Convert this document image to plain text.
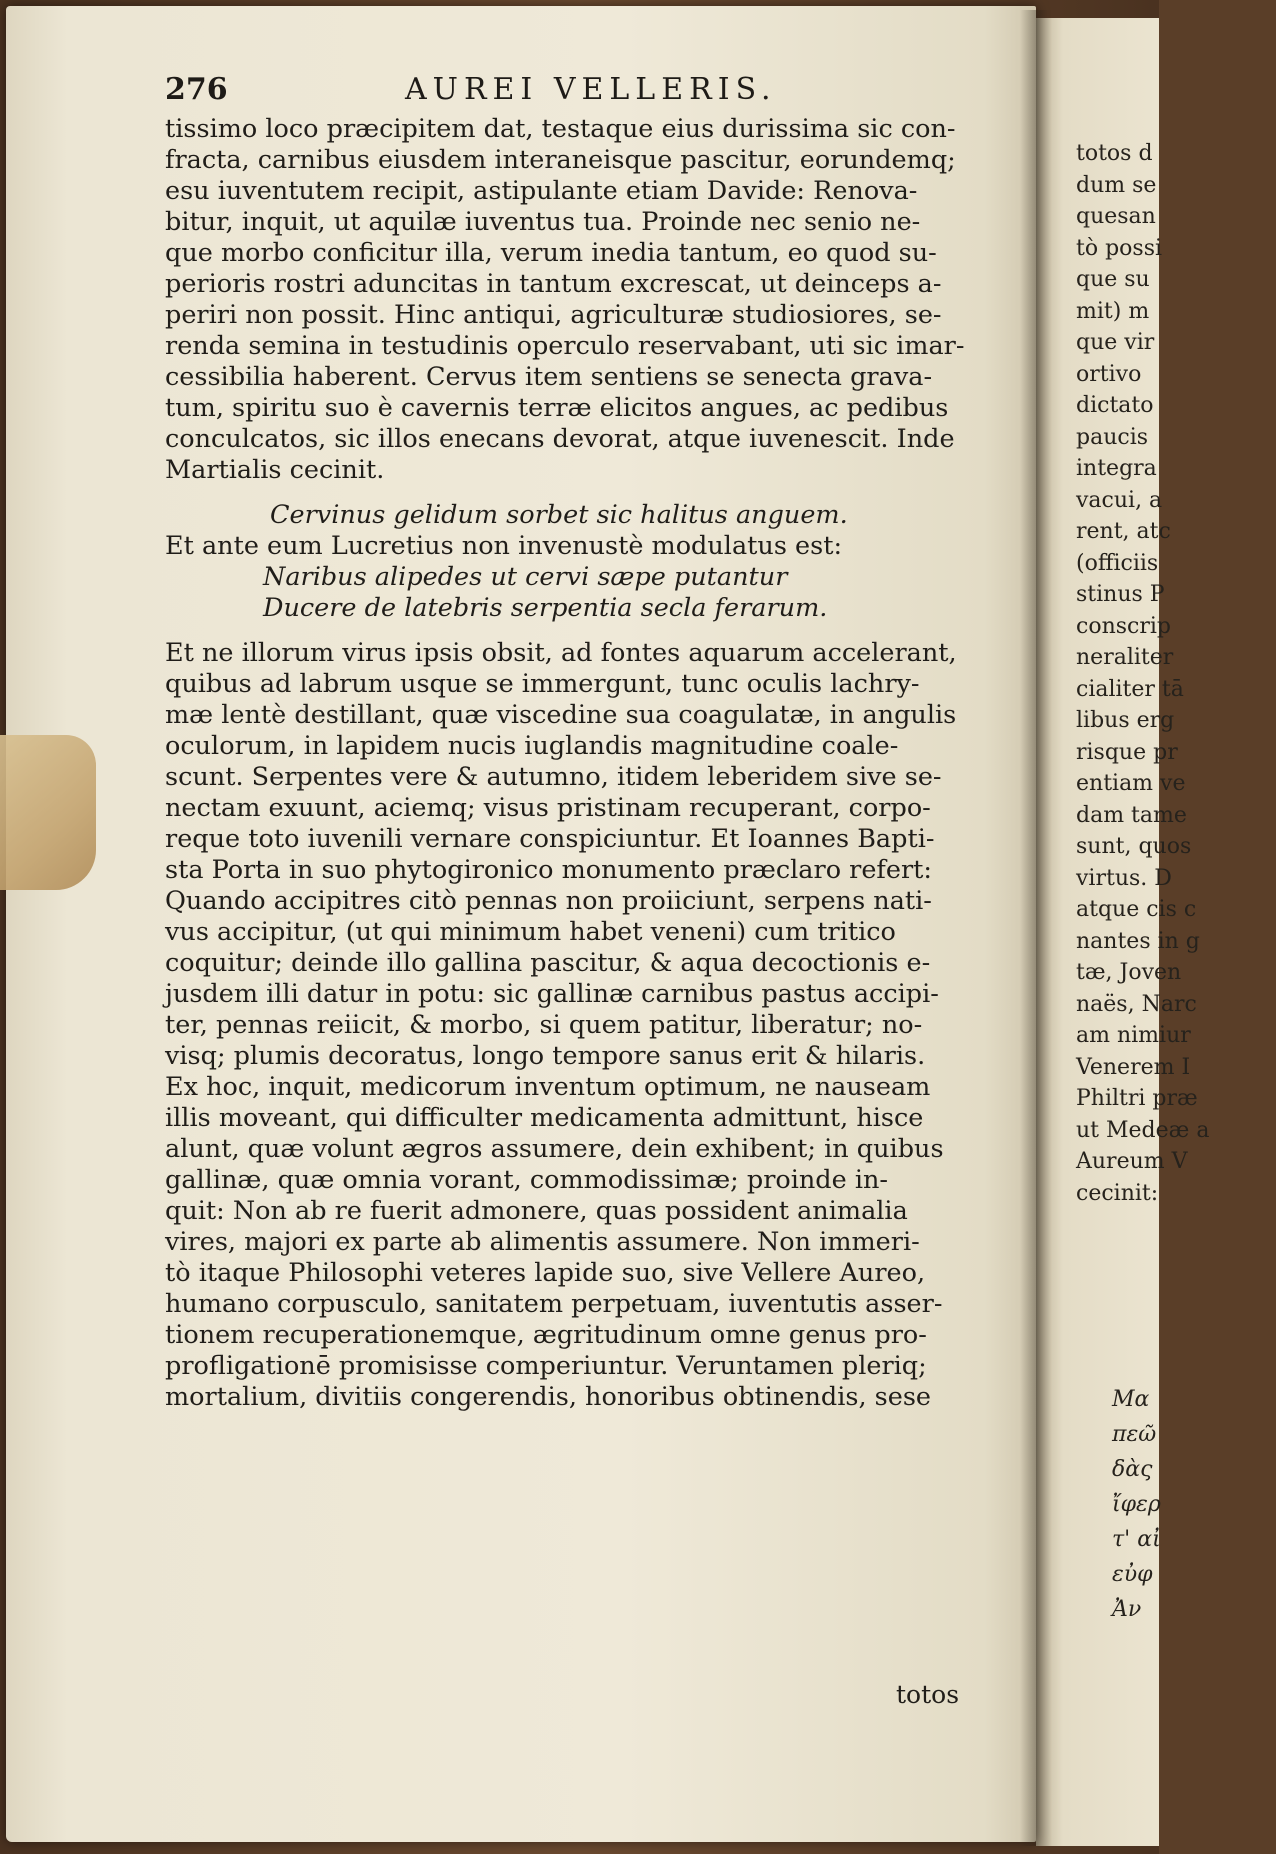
totos d
dum se
quesan
tò possi
que su
mit) m
que vir
ortivo
dictato
paucis
integra
vacui, a
rent, atc
(officiis
stinus P
conscrip
neraliter
cialiter tā
libus erg
risque pr
entiam ve
dam tame
sunt, quos
virtus. D
atque cis c
nantes in g
tæ, Joven
naës, Narc
am nimiur
Venerem I
Philtri præ
ut Medeæ a
Aureum V
cecinit:
Μα
πεῶ
δὰς
ἴφερ
τ' αἰ
εὐφ
Ἀν
276	AUREI VELLERIS.
tissimo loco præcipitem dat, testaque eius durissima sic con-
fracta, carnibus eiusdem interaneisque pascitur, eorundemq;
esu iuventutem recipit, astipulante etiam Davide: Renova-
bitur, inquit, ut aquilæ iuventus tua. Proinde nec senio ne-
que morbo conficitur illa, verum inedia tantum, eo quod su-
perioris rostri aduncitas in tantum excrescat, ut deinceps a-
periri non possit. Hinc antiqui, agriculturæ studiosiores, se-
renda semina in testudinis operculo reservabant, uti sic imar-
cessibilia haberent. Cervus item sentiens se senecta grava-
tum, spiritu suo è cavernis terræ elicitos angues, ac pedibus
conculcatos, sic illos enecans devorat, atque iuvenescit. Inde
Martialis cecinit.
Cervinus gelidum sorbet sic halitus anguem.
Et ante eum Lucretius non invenustè modulatus est:
Naribus alipedes ut cervi sæpe putantur
Ducere de latebris serpentia secla ferarum.
Et ne illorum virus ipsis obsit, ad fontes aquarum accelerant,
quibus ad labrum usque se immergunt, tunc oculis lachry-
mæ lentè destillant, quæ viscedine sua coagulatæ, in angulis
oculorum, in lapidem nucis iuglandis magnitudine coale-
scunt. Serpentes vere & autumno, itidem leberidem sive se-
nectam exuunt, aciemq; visus pristinam recuperant, corpo-
reque toto iuvenili vernare conspiciuntur. Et Ioannes Bapti-
sta Porta in suo phytogironico monumento præclaro refert:
Quando accipitres citò pennas non proiiciunt, serpens nati-
vus accipitur, (ut qui minimum habet veneni) cum tritico
coquitur; deinde illo gallina pascitur, & aqua decoctionis e-
jusdem illi datur in potu: sic gallinæ carnibus pastus accipi-
ter, pennas reiicit, & morbo, si quem patitur, liberatur; no-
visq; plumis decoratus, longo tempore sanus erit & hilaris.
Ex hoc, inquit, medicorum inventum optimum, ne nauseam
illis moveant, qui difficulter medicamenta admittunt, hisce
alunt, quæ volunt ægros assumere, dein exhibent; in quibus
gallinæ, quæ omnia vorant, commodissimæ; proinde in-
quit: Non ab re fuerit admonere, quas possident animalia
vires, majori ex parte ab alimentis assumere. Non immeri-
tò itaque Philosophi veteres lapide suo, sive Vellere Aureo,
humano corpusculo, sanitatem perpetuam, iuventutis asser-
tionem recuperationemque, ægritudinum omne genus pro-
profligationē promisisse comperiuntur. Veruntamen pleriq;
mortalium, divitiis congerendis, honoribus obtinendis, sese
totos
